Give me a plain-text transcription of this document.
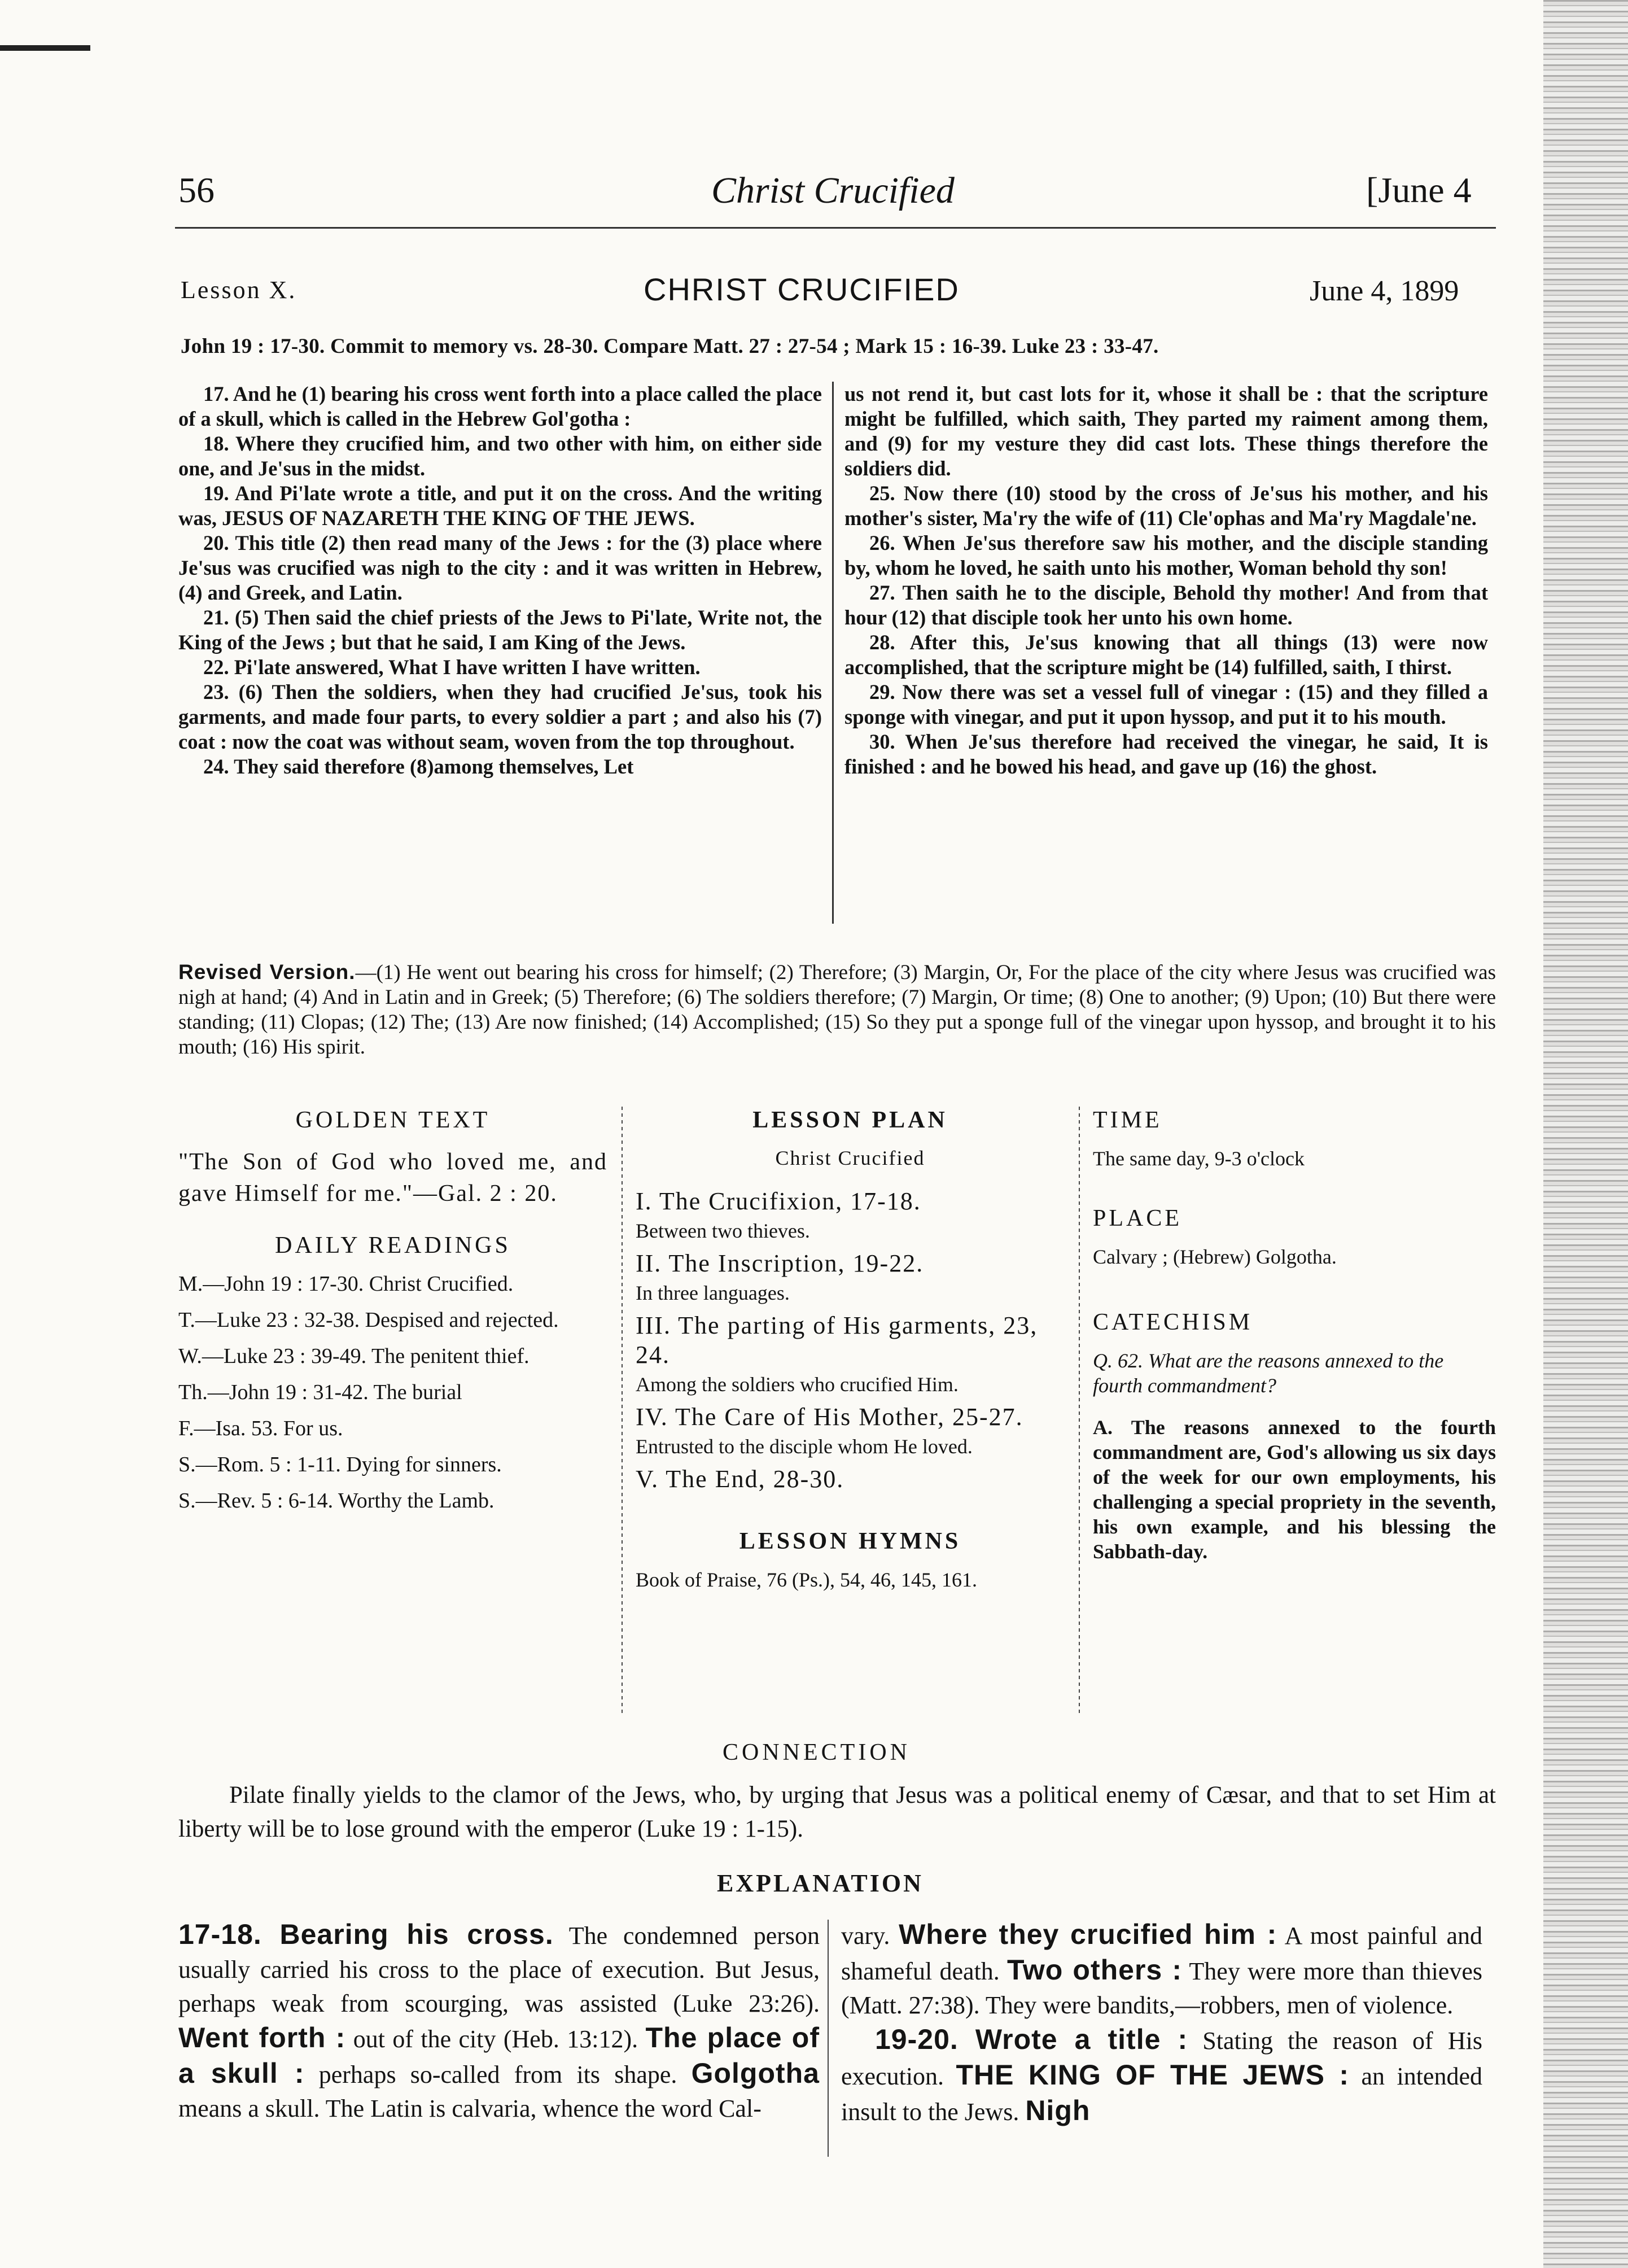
56	Christ Crucified	[June 4
Lesson X.	CHRIST CRUCIFIED	June 4, 1899
John 19 : 17-30. Commit to memory vs. 28-30. Compare Matt. 27 : 27-54 ; Mark 15 : 16-39. Luke 23 : 33-47.

17. And he (1) bearing his cross went forth into a place called the place of a skull, which is called in the Hebrew Gol'gotha :

18. Where they crucified him, and two other with him, on either side one, and Je'sus in the midst.

19. And Pi'late wrote a title, and put it on the cross. And the writing was, JESUS OF NAZARETH THE KING OF THE JEWS.

20. This title (2) then read many of the Jews : for the (3) place where Je'sus was crucified was nigh to the city : and it was written in Hebrew, (4) and Greek, and Latin.

21. (5) Then said the chief priests of the Jews to Pi'late, Write not, the King of the Jews ; but that he said, I am King of the Jews.

22. Pi'late answered, What I have written I have written.

23. (6) Then the soldiers, when they had crucified Je'sus, took his garments, and made four parts, to every soldier a part ; and also his (7) coat : now the coat was without seam, woven from the top throughout.

24. They said therefore (8)among themselves, Let

us not rend it, but cast lots for it, whose it shall be : that the scripture might be fulfilled, which saith, They parted my raiment among them, and (9) for my vesture they did cast lots. These things therefore the soldiers did.

25. Now there (10) stood by the cross of Je'sus his mother, and his mother's sister, Ma'ry the wife of (11) Cle'ophas and Ma'ry Magdale'ne.

26. When Je'sus therefore saw his mother, and the disciple standing by, whom he loved, he saith unto his mother, Woman behold thy son!

27. Then saith he to the disciple, Behold thy mother! And from that hour (12) that disciple took her unto his own home.

28. After this, Je'sus knowing that all things (13) were now accomplished, that the scripture might be (14) fulfilled, saith, I thirst.

29. Now there was set a vessel full of vinegar : (15) and they filled a sponge with vinegar, and put it upon hyssop, and put it to his mouth.

30. When Je'sus therefore had received the vinegar, he said, It is finished : and he bowed his head, and gave up (16) the ghost.

Revised Version.—(1) He went out bearing his cross for himself; (2) Therefore; (3) Margin, Or, For the place of the city where Jesus was crucified was nigh at hand; (4) And in Latin and in Greek; (5) Therefore; (6) The soldiers therefore; (7) Margin, Or time; (8) One to another; (9) Upon; (10) But there were standing; (11) Clopas; (12) The; (13) Are now finished; (14) Accomplished; (15) So they put a sponge full of the vinegar upon hyssop, and brought it to his mouth; (16) His spirit.
GOLDEN TEXT
"The Son of God who loved me, and gave Himself for me."—Gal. 2 : 20.
DAILY READINGS
M.—John 19 : 17-30. Christ Crucified.
T.—Luke 23 : 32-38. Despised and rejected.
W.—Luke 23 : 39-49. The penitent thief.
Th.—John 19 : 31-42. The burial
F.—Isa. 53. For us.
S.—Rom. 5 : 1-11. Dying for sinners.
S.—Rev. 5 : 6-14. Worthy the Lamb.
LESSON PLAN
Christ Crucified
I. The Crucifixion, 17-18.
Between two thieves.
II. The Inscription, 19-22.
In three languages.
III. The parting of His garments, 23, 24.
Among the soldiers who crucified Him.
IV. The Care of His Mother, 25-27.
Entrusted to the disciple whom He loved.
V. The End, 28-30.
LESSON HYMNS
Book of Praise, 76 (Ps.), 54, 46, 145, 161.
TIME
The same day, 9-3 o'clock
PLACE
Calvary ; (Hebrew) Golgotha.
CATECHISM
Q. 62. What are the reasons annexed to the fourth commandment?
A. The reasons annexed to the fourth commandment are, God's allowing us six days of the week for our own employments, his challenging a special propriety in the seventh, his own example, and his blessing the Sabbath-day.
CONNECTION
Pilate finally yields to the clamor of the Jews, who, by urging that Jesus was a political enemy of Cæsar, and that to set Him at liberty will be to lose ground with the emperor (Luke 19 : 1-15).
EXPLANATION
17-18. Bearing his cross. The condemned person usually carried his cross to the place of execution. But Jesus, perhaps weak from scourging, was assisted (Luke 23:26). Went forth : out of the city (Heb. 13:12). The place of a skull : perhaps so-called from its shape. Golgotha means a skull. The Latin is calvaria, whence the word Cal-
vary. Where they crucified him : A most painful and shameful death. Two others : They were more than thieves (Matt. 27:38). They were bandits,—robbers, men of violence.
19-20. Wrote a title : Stating the reason of His execution. THE KING OF THE JEWS : an intended insult to the Jews. Nigh
